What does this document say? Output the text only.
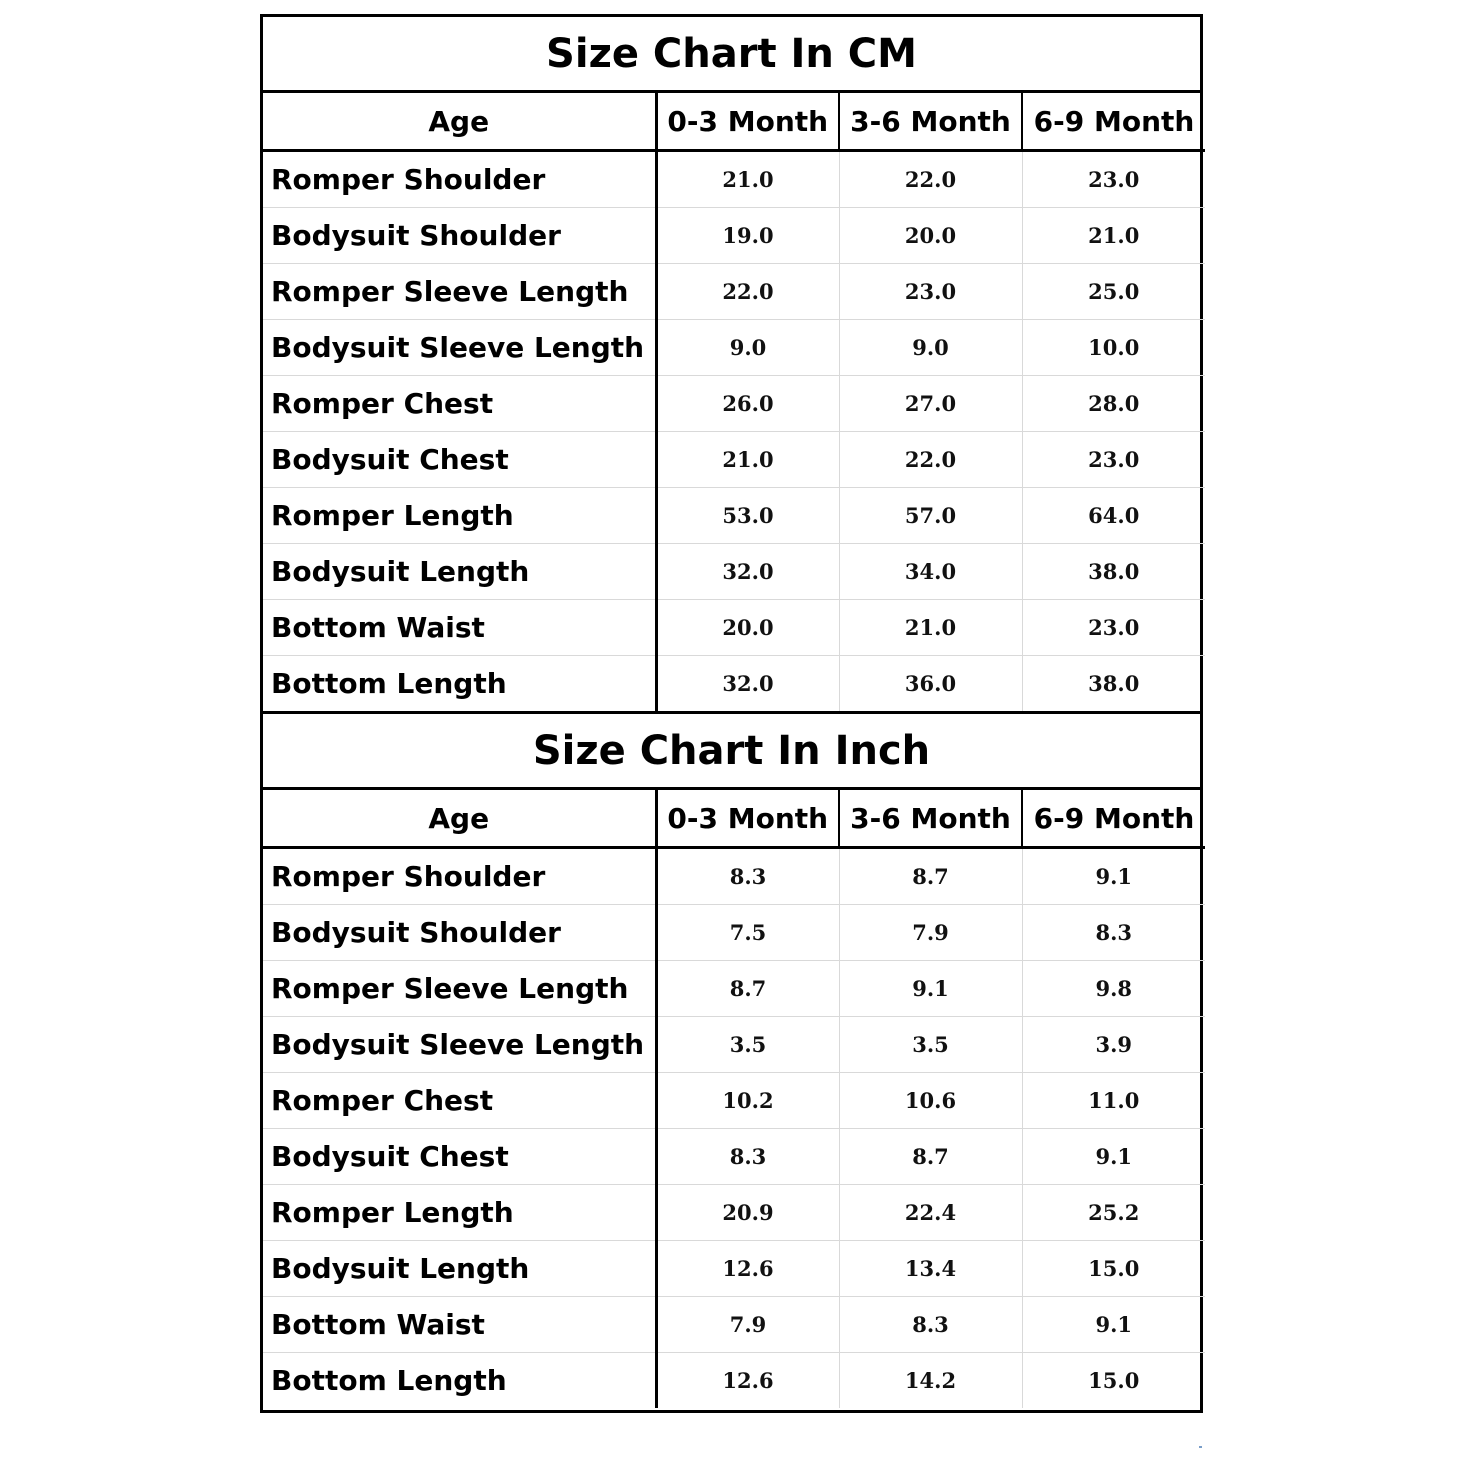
Size Chart In CM
Age	0-3 Month	3-6 Month	6-9 Month
Romper Shoulder	21.0	22.0	23.0
Bodysuit Shoulder	19.0	20.0	21.0
Romper Sleeve Length	22.0	23.0	25.0
Bodysuit Sleeve Length	9.0	9.0	10.0
Romper Chest	26.0	27.0	28.0
Bodysuit Chest	21.0	22.0	23.0
Romper Length	53.0	57.0	64.0
Bodysuit Length	32.0	34.0	38.0
Bottom Waist	20.0	21.0	23.0
Bottom Length	32.0	36.0	38.0
Size Chart In Inch
Age	0-3 Month	3-6 Month	6-9 Month
Romper Shoulder	8.3	8.7	9.1
Bodysuit Shoulder	7.5	7.9	8.3
Romper Sleeve Length	8.7	9.1	9.8
Bodysuit Sleeve Length	3.5	3.5	3.9
Romper Chest	10.2	10.6	11.0
Bodysuit Chest	8.3	8.7	9.1
Romper Length	20.9	22.4	25.2
Bodysuit Length	12.6	13.4	15.0
Bottom Waist	7.9	8.3	9.1
Bottom Length	12.6	14.2	15.0
